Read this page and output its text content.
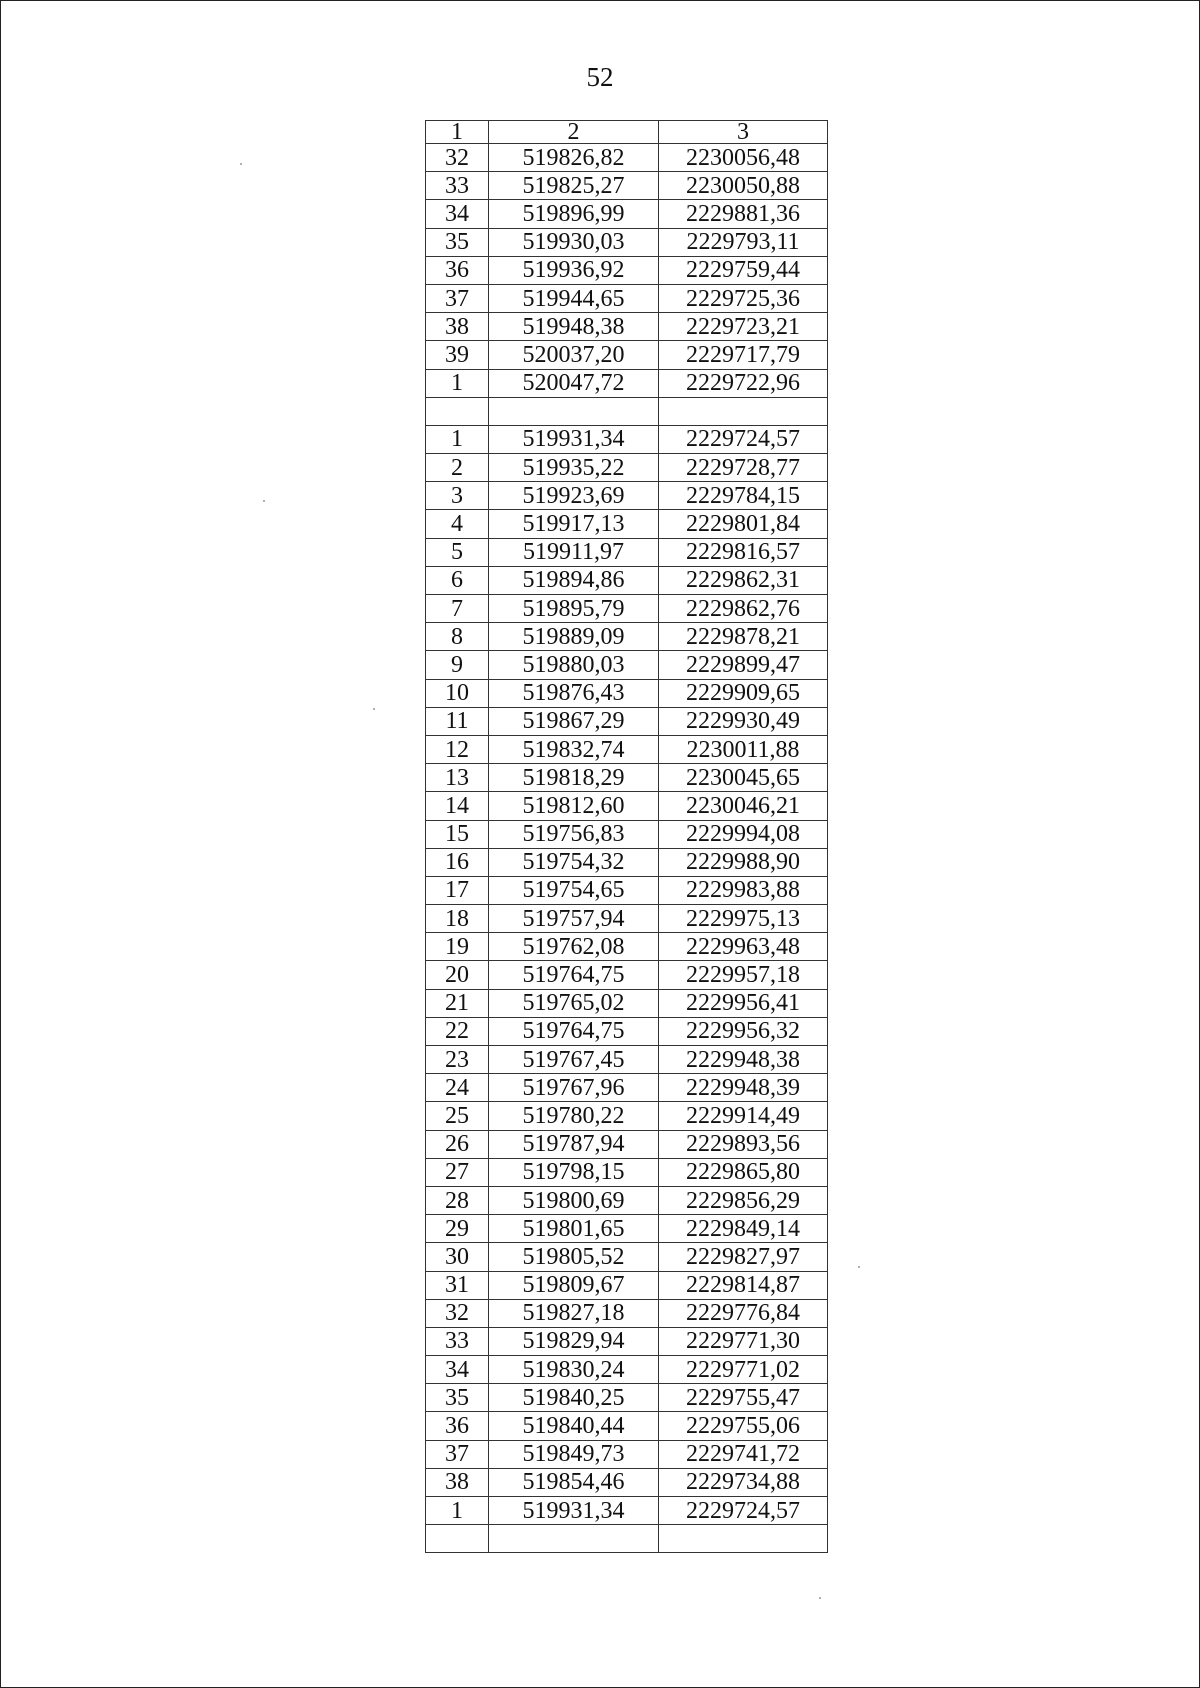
52
1	2	3
32	519826,82	2230056,48
33	519825,27	2230050,88
34	519896,99	2229881,36
35	519930,03	2229793,11
36	519936,92	2229759,44
37	519944,65	2229725,36
38	519948,38	2229723,21
39	520037,20	2229717,79
1	520047,72	2229722,96

1	519931,34	2229724,57
2	519935,22	2229728,77
3	519923,69	2229784,15
4	519917,13	2229801,84
5	519911,97	2229816,57
6	519894,86	2229862,31
7	519895,79	2229862,76
8	519889,09	2229878,21
9	519880,03	2229899,47
10	519876,43	2229909,65
11	519867,29	2229930,49
12	519832,74	2230011,88
13	519818,29	2230045,65
14	519812,60	2230046,21
15	519756,83	2229994,08
16	519754,32	2229988,90
17	519754,65	2229983,88
18	519757,94	2229975,13
19	519762,08	2229963,48
20	519764,75	2229957,18
21	519765,02	2229956,41
22	519764,75	2229956,32
23	519767,45	2229948,38
24	519767,96	2229948,39
25	519780,22	2229914,49
26	519787,94	2229893,56
27	519798,15	2229865,80
28	519800,69	2229856,29
29	519801,65	2229849,14
30	519805,52	2229827,97
31	519809,67	2229814,87
32	519827,18	2229776,84
33	519829,94	2229771,30
34	519830,24	2229771,02
35	519840,25	2229755,47
36	519840,44	2229755,06
37	519849,73	2229741,72
38	519854,46	2229734,88
1	519931,34	2229724,57
